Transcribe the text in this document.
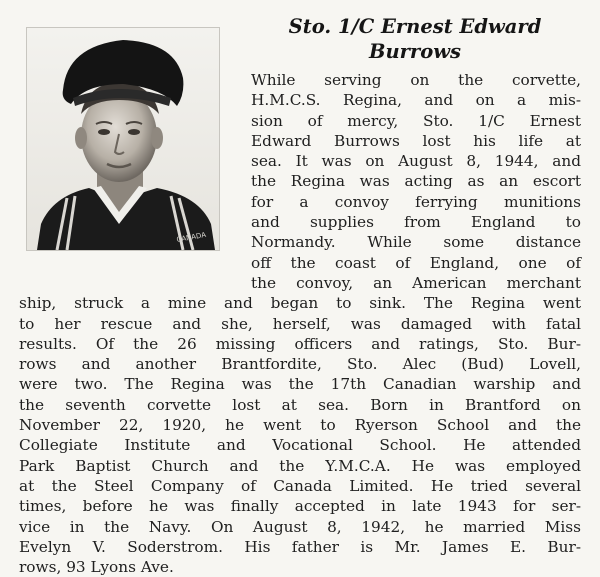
CANADA
Sto. 1/C Ernest Edward
Burrows
While serving on the corvette,
H.M.C.S. Regina, and on a mis-
sion of mercy, Sto. 1/C Ernest
Edward Burrows lost his life at
sea. It was on August 8, 1944, and
the Regina was acting as an escort
for a convoy ferrying munitions
and supplies from England to
Normandy. While some distance
off the coast of England, one of
the convoy, an American merchant
ship, struck a mine and began to sink. The Regina went
to her rescue and she, herself, was damaged with fatal
results. Of the 26 missing officers and ratings, Sto. Bur-
rows and another Brantfordite, Sto. Alec (Bud) Lovell,
were two. The Regina was the 17th Canadian warship and
the seventh corvette lost at sea. Born in Brantford on
November 22, 1920, he went to Ryerson School and the
Collegiate Institute and Vocational School. He attended
Park Baptist Church and the Y.M.C.A. He was employed
at the Steel Company of Canada Limited. He tried several
times, before he was finally accepted in late 1943 for ser-
vice in the Navy. On August 8, 1942, he married Miss
Evelyn V. Soderstrom. His father is Mr. James E. Bur-
rows, 93 Lyons Ave.
